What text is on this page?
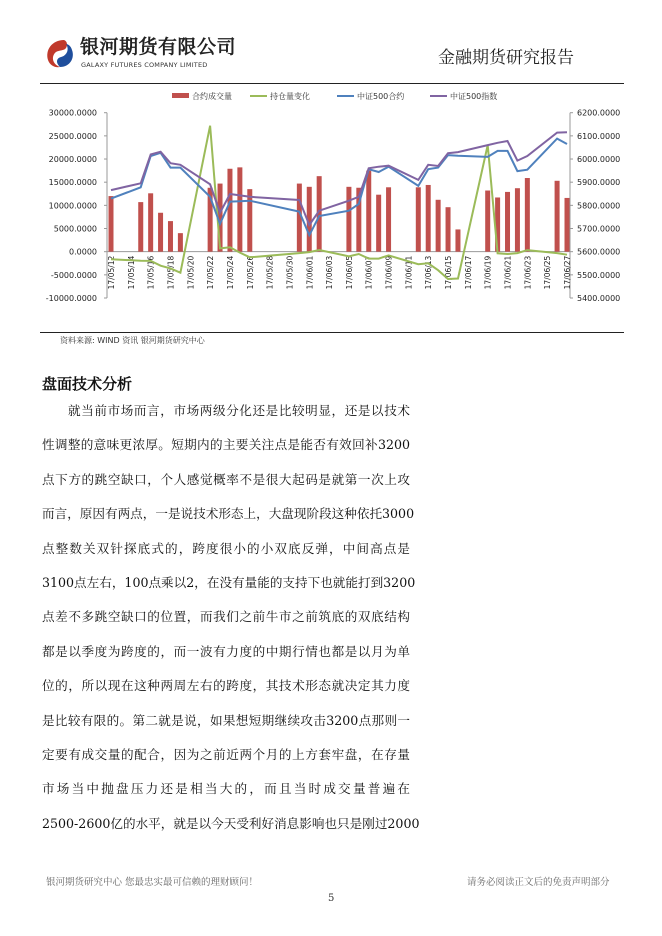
银河期货有限公司
GALAXY FUTURES COMPANY LIMITED	金融期货研究报告
合约成交量	持仓量变化	中证500合约	中证500指数
30000.0000
25000.0000
20000.0000
15000.0000
10000.0000
5000.0000
0.0000
-5000.0000
-10000.0000
6200.0000
6100.0000
6000.0000
5900.0000
5800.0000
5700.0000
5600.0000
5500.0000
5400.0000
17/05/12 17/05/14 17/05/16 17/05/18 17/05/20 17/05/22 17/05/24 17/05/26 17/05/28 17/05/30 17/06/01 17/06/03 17/06/05 17/06/07 17/06/09 17/06/11 17/06/13 17/06/15 17/06/17 17/06/19 17/06/21 17/06/23 17/06/25 17/06/27
资料来源: WIND 资讯 银河期货研究中心
盘面技术分析
就当前市场而言，市场两级分化还是比较明显，还是以技术
性调整的意味更浓厚。短期内的主要关注点是能否有效回补3200
点下方的跳空缺口，个人感觉概率不是很大起码是就第一次上攻
而言，原因有两点，一是说技术形态上，大盘现阶段这种依托3000
点整数关双针探底式的，跨度很小的小双底反弹，中间高点是
3100点左右，100点乘以2，在没有量能的支持下也就能打到3200
点差不多跳空缺口的位置，而我们之前牛市之前筑底的双底结构
都是以季度为跨度的，而一波有力度的中期行情也都是以月为单
位的，所以现在这种两周左右的跨度，其技术形态就决定其力度
是比较有限的。第二就是说，如果想短期继续攻击3200点那则一
定要有成交量的配合，因为之前近两个月的上方套牢盘，在存量
市场当中抛盘压力还是相当大的，而且当时成交量普遍在
2500-2600亿的水平，就是以今天受利好消息影响也只是刚过2000
银河期货研究中心 您最忠实最可信赖的理财顾问！	请务必阅读正文后的免责声明部分
5
